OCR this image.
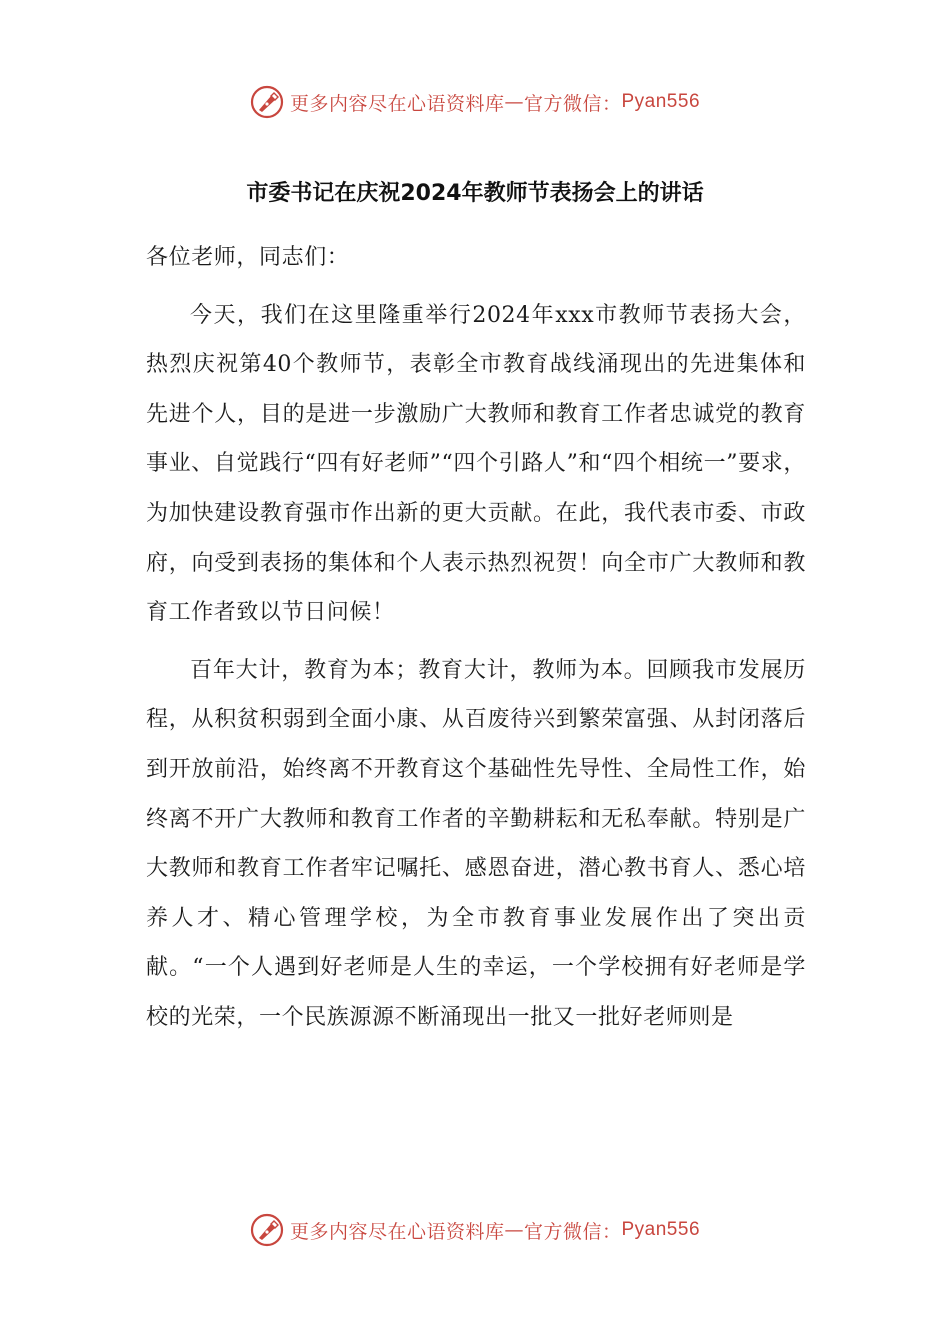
更多内容尽在心语资料库 — 官方微信： Pyan556
市委书记在庆祝2024年教师节表扬会上的讲话

各位老师，同志们：

今天，我们在这里隆重举行2024年xxx市教师节表扬大会，热烈庆祝第40个教师节，表彰全市教育战线涌现出的先进集体和先进个人，目的是进一步激励广大教师和教育工作者忠诚党的教育事业、自觉践行“四有好老师”“四个引路人”和“四个相统一”要求，为加快建设教育强市作出新的更大贡献。在此，我代表市委、市政府，向受到表扬的集体和个人表示热烈祝贺！向全市广大教师和教育工作者致以节日问候！

百年大计，教育为本；教育大计，教师为本。回顾我市发展历程，从积贫积弱到全面小康、从百废待兴到繁荣富强、从封闭落后到开放前沿，始终离不开教育这个基础性先导性、全局性工作，始终离不开广大教师和教育工作者的辛勤耕耘和无私奉献。特别是广大教师和教育工作者牢记嘱托、感恩奋进，潜心教书育人、悉心培养人才、精心管理学校，为全市教育事业发展作出了突出贡献。“一个人遇到好老师是人生的幸运，一个学校拥有好老师是学校的光荣，一个民族源源不断涌现出一批又一批好老师则是

更多内容尽在心语资料库 — 官方微信： Pyan556
